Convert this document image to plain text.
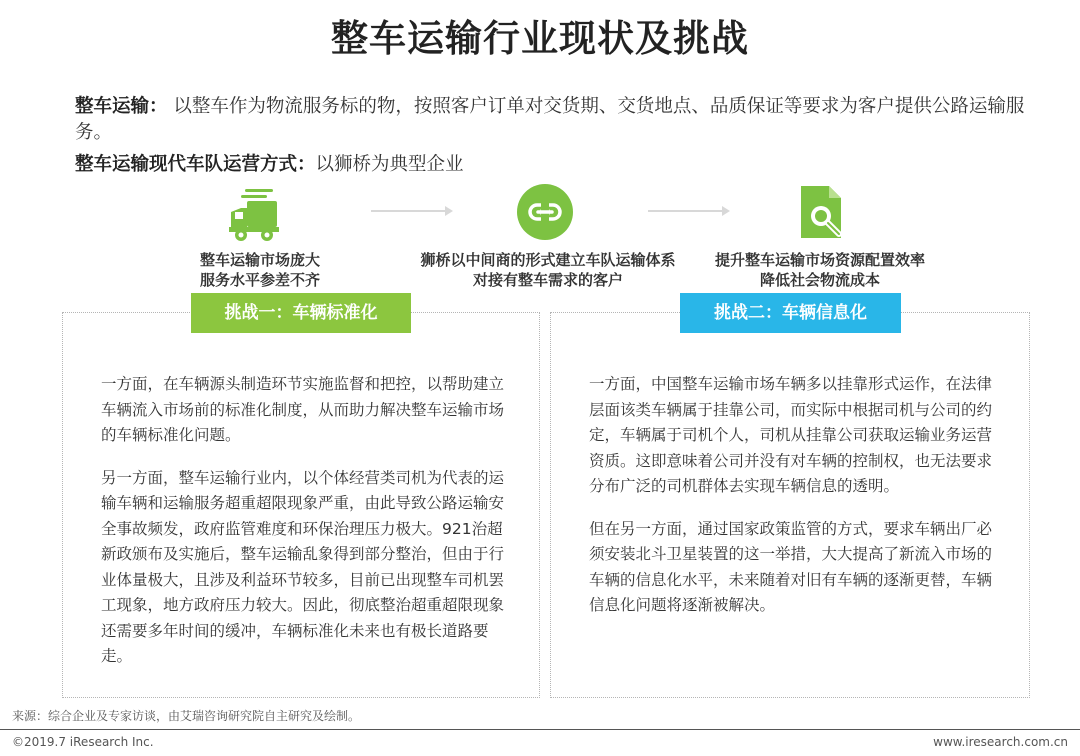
整车运输行业现状及挑战
整车运输： 以整车作为物流服务标的物，按照客户订单对交货期、交货地点、品质保证等要求为客户提供公路运输服务。
整车运输现代车队运营方式：以狮桥为典型企业
整车运输市场庞大
服务水平参差不齐
狮桥以中间商的形式建立车队运输体系
对接有整车需求的客户
提升整车运输市场资源配置效率
降低社会物流成本
挑战一：车辆标准化	挑战二：车辆信息化

一方面，在车辆源头制造环节实施监督和把控，以帮助建立车辆流入市场前的标准化制度，从而助力解决整车运输市场的车辆标准化问题。

另一方面，整车运输行业内，以个体经营类司机为代表的运输车辆和运输服务超重超限现象严重，由此导致公路运输安全事故频发，政府监管难度和环保治理压力极大。921治超新政颁布及实施后，整车运输乱象得到部分整治，但由于行业体量极大，且涉及利益环节较多，目前已出现整车司机罢工现象，地方政府压力较大。因此，彻底整治超重超限现象还需要多年时间的缓冲，车辆标准化未来也有极长道路要走。

一方面，中国整车运输市场车辆多以挂靠形式运作，在法律层面该类车辆属于挂靠公司，而实际中根据司机与公司的约定，车辆属于司机个人，司机从挂靠公司获取运输业务运营资质。这即意味着公司并没有对车辆的控制权，也无法要求分布广泛的司机群体去实现车辆信息的透明。

但在另一方面，通过国家政策监管的方式，要求车辆出厂必须安装北斗卫星装置的这一举措，大大提高了新流入市场的车辆的信息化水平，未来随着对旧有车辆的逐渐更替，车辆信息化问题将逐渐被解决。

来源：综合企业及专家访谈，由艾瑞咨询研究院自主研究及绘制。
©2019.7 iResearch Inc.	www.iresearch.com.cn
